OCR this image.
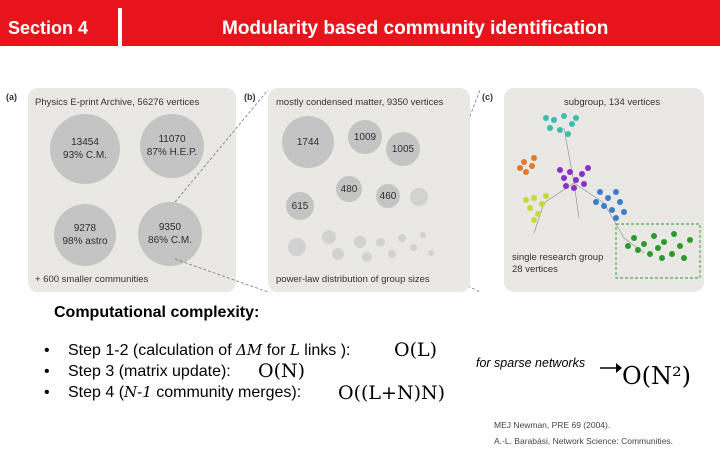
Section 4	Modularity based community identification
(a) Physics E-print Archive, 56276 vertices
13454
93% C.M.
11070
87% H.E.P.
9278
98% astro
9350
86% C.M.
+ 600 smaller communities
(b) mostly condensed matter, 9350 vertices
1744	1009
1005
480
460
615
power-law distribution of group sizes
(c)	subgroup, 134 vertices
single research group
28 vertices
Computational complexity:
• Step 1-2 (calculation of ΔM for L links ):
• Step 3 (matrix update):
• Step 4 (N-1 community merges):
O(L)
O(N)
O((L+N)N)
for sparse networks O(N²)
MEJ Newman, PRE 69 (2004).
A.-L. Barabási, Network Science: Communities.
